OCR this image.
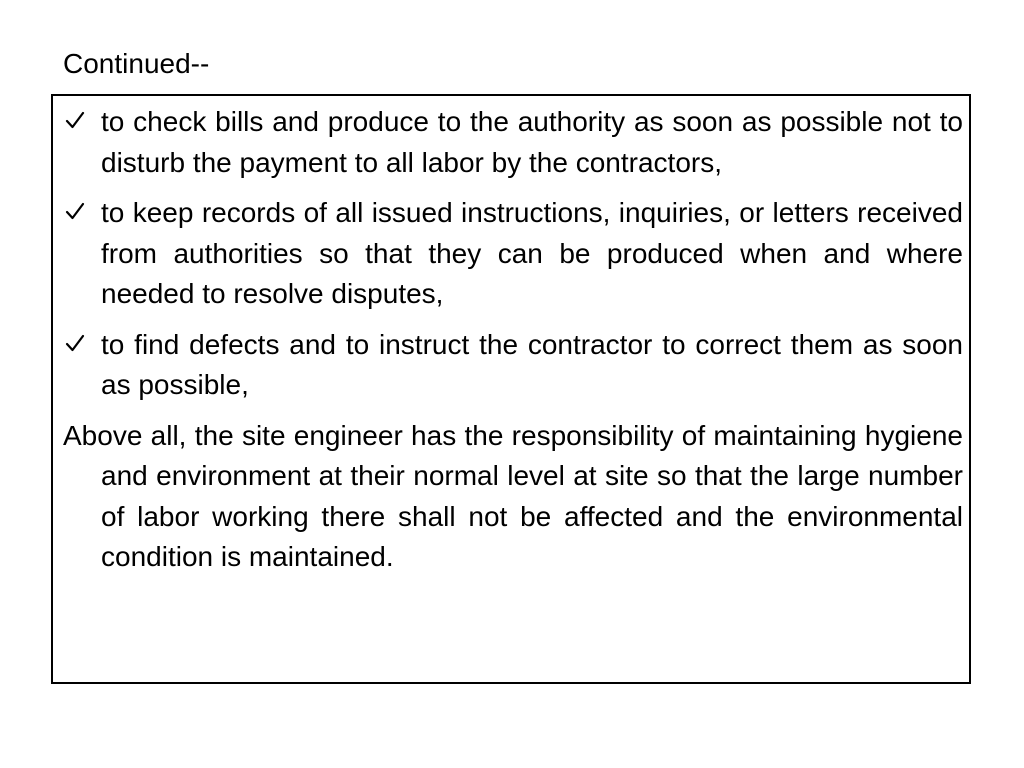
Continued--
to check bills and produce to the authority as soon as possible not to disturb the payment to all labor by the contractors,
to keep records of all issued instructions, inquiries, or letters received from authorities so that they can be produced when and where needed to resolve disputes,
to find defects and to instruct the contractor to correct them as soon as possible,

Above all, the site engineer has the responsibility of maintaining hygiene and environment at their normal level at site so that the large number of labor working there shall not be affected and the environmental condition is maintained.
